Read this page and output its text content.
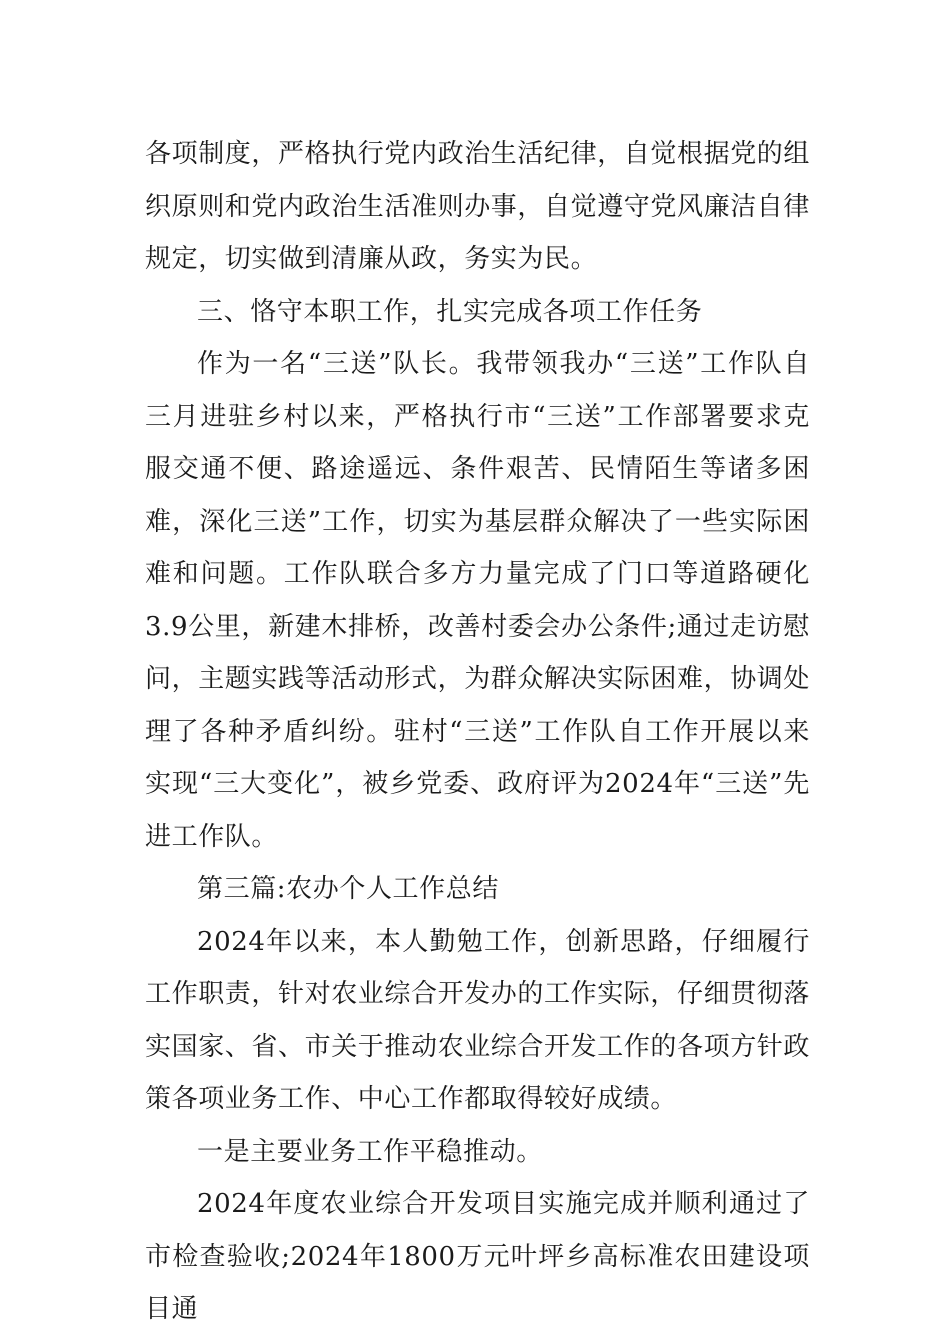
各项制度，严格执行党内政治生活纪律，自觉根据党的组织原则和党内政治生活准则办事，自觉遵守党风廉洁自律规定，切实做到清廉从政，务实为民。

三、恪守本职工作，扎实完成各项工作任务

作为一名“三送”队长。我带领我办“三送”工作队自三月进驻乡村以来，严格执行市“三送”工作部署要求克服交通不便、路途遥远、条件艰苦、民情陌生等诸多困难，深化三送”工作，切实为基层群众解决了一些实际困难和问题。工作队联合多方力量完成了门口等道路硬化3.9公里，新建木排桥，改善村委会办公条件;通过走访慰问，主题实践等活动形式，为群众解决实际困难，协调处理了各种矛盾纠纷。驻村“三送”工作队自工作开展以来实现“三大变化”，被乡党委、政府评为2024年“三送”先进工作队。

第三篇:农办个人工作总结

2024年以来，本人勤勉工作，创新思路，仔细履行工作职责，针对农业综合开发办的工作实际，仔细贯彻落实国家、省、市关于推动农业综合开发工作的各项方针政策各项业务工作、中心工作都取得较好成绩。

一是主要业务工作平稳推动。

2024年度农业综合开发项目实施完成并顺利通过了市检查验收;2024年1800万元叶坪乡高标准农田建设项目通
